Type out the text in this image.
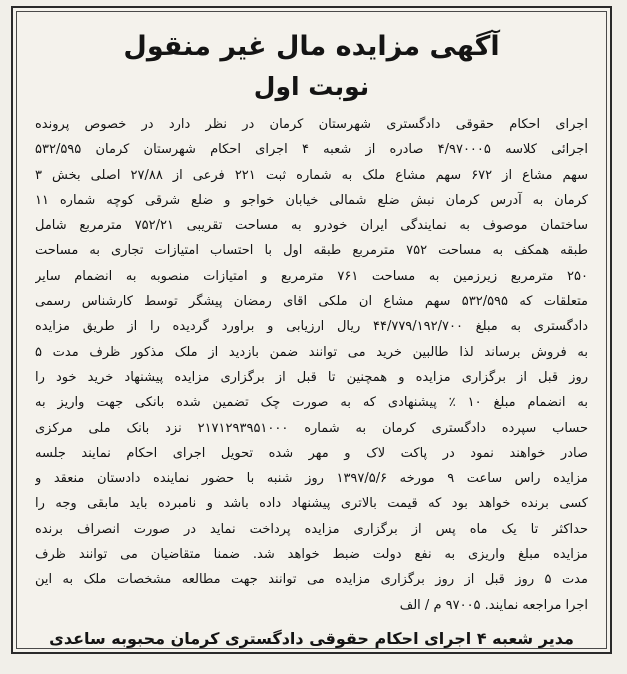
آگهی مزایده مال غیر منقول
نوبت اول
اجرای احکام حقوقی دادگستری شهرستان کرمان در نظر دارد در خصوص پرونده
اجرائی کلاسه ۴/۹۷۰۰۰۵ صادره از شعبه ۴ اجرای احکام شهرستان کرمان ۵۳۲/۵۹۵
سهم مشاع از ۶۷۲ سهم مشاع ملک به شماره ثبت ۲۲۱ فرعی از ۲۷/۸۸ اصلی بخش ۳
کرمان به آدرس کرمان نبش ضلع شمالی خیابان خواجو و ضلع شرقی کوچه شماره ۱۱
ساختمان موصوف به نمایندگی ایران خودرو به مساحت تقریبی ۷۵۲/۲۱ مترمربع شامل
طبقه همکف به مساحت ۷۵۲ مترمربع طبقه اول با احتساب امتیازات تجاری به مساحت
۲۵۰ مترمربع زیرزمین به مساحت ۷۶۱ مترمربع و امتیازات منصوبه به انضمام سایر
متعلقات که ۵۳۲/۵۹۵ سهم مشاع ان ملکی اقای رمضان پیشگر توسط کارشناس رسمی
دادگستری به مبلغ ۴۴/۷۷۹/۱۹۲/۷۰۰ ریال ارزیابی و براورد گردیده را از طریق مزایده
به فروش برساند لذا طالبین خرید می توانند ضمن بازدید از ملک مذکور ظرف مدت ۵
روز قبل از برگزاری مزایده و همچنین تا قبل از برگزاری مزایده پیشنهاد خرید خود را
به انضمام مبلغ ۱۰ ٪ پیشنهادی که به صورت چک تضمین شده بانکی جهت واریز به
حساب سپرده دادگستری کرمان به شماره ۲۱۷۱۲۹۳۹۵۱۰۰۰ نزد بانک ملی مرکزی
صادر خواهند نمود در پاکت لاک و مهر شده تحویل اجرای احکام نمایند جلسه
مزایده راس ساعت ۹ مورخه ۱۳۹۷/۵/۶ روز شنبه با حضور نماینده دادستان منعقد و
کسی برنده خواهد بود که قیمت بالاتری پیشنهاد داده باشد و نامبرده باید مابقی وجه را
حداکثر تا یک ماه پس از برگزاری مزایده پرداخت نماید در صورت انصراف برنده
مزایده مبلغ واریزی به نفع دولت ضبط خواهد شد. ضمنا متقاضیان می توانند ظرف
مدت ۵ روز قبل از روز برگزاری مزایده می توانند جهت مطالعه مشخصات ملک به این
اجرا مراجعه نمایند. ۹۷۰۰۵ م / الف
مدیر شعبه ۴ اجرای احکام حقوقی دادگستری کرمان محبوبه ساعدی
